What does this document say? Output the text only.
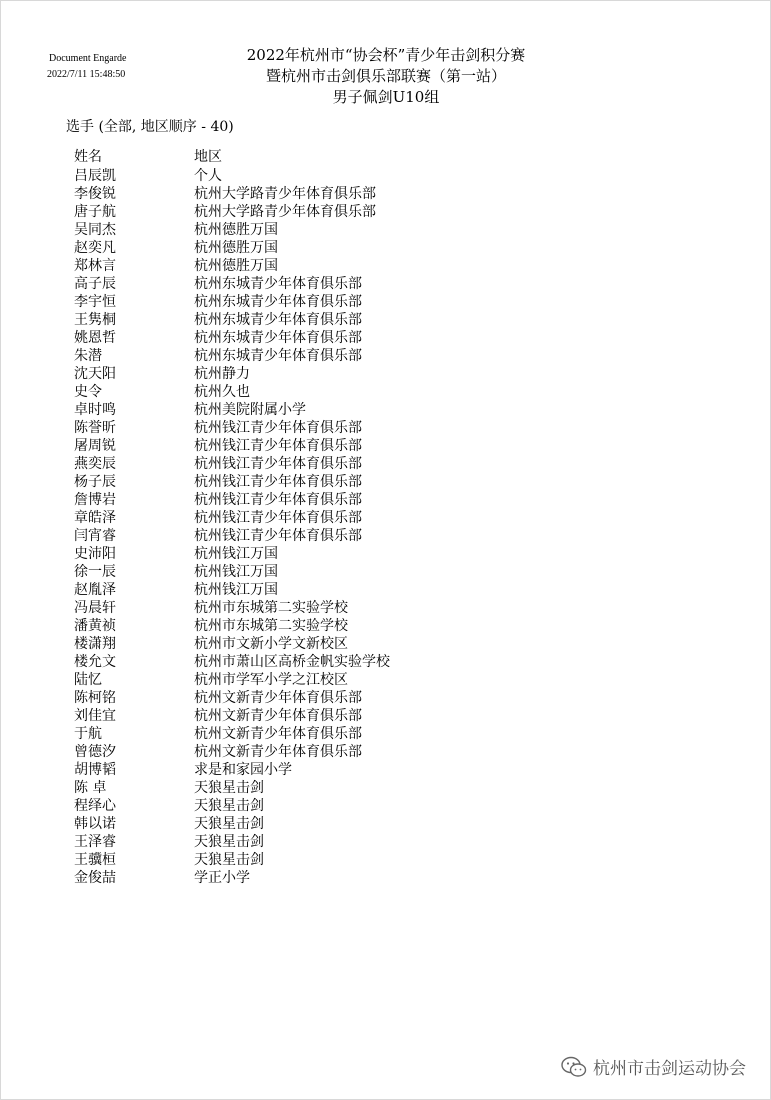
Document Engarde
2022/7/11 15:48:50
2022年杭州市“协会杯”青少年击剑积分赛
暨杭州市击剑俱乐部联赛（第一站）
男子佩剑U10组
选手 (全部, 地区顺序 - 40)
姓名	地区
吕辰凯	个人
李俊锐	杭州大学路青少年体育俱乐部
唐子航	杭州大学路青少年体育俱乐部
吴同杰	杭州德胜万国
赵奕凡	杭州德胜万国
郑林言	杭州德胜万国
高子辰	杭州东城青少年体育俱乐部
李宇恒	杭州东城青少年体育俱乐部
王隽桐	杭州东城青少年体育俱乐部
姚恩哲	杭州东城青少年体育俱乐部
朱潜	杭州东城青少年体育俱乐部
沈天阳	杭州静力
史令	杭州久也
卓时鸣	杭州美院附属小学
陈誉昕	杭州钱江青少年体育俱乐部
屠周锐	杭州钱江青少年体育俱乐部
燕奕辰	杭州钱江青少年体育俱乐部
杨子辰	杭州钱江青少年体育俱乐部
詹博岩	杭州钱江青少年体育俱乐部
章皓泽	杭州钱江青少年体育俱乐部
闫宵睿	杭州钱江青少年体育俱乐部
史沛阳	杭州钱江万国
徐一辰	杭州钱江万国
赵胤泽	杭州钱江万国
冯晨轩	杭州市东城第二实验学校
潘黄祯	杭州市东城第二实验学校
楼潇翔	杭州市文新小学文新校区
楼允文	杭州市萧山区高桥金帆实验学校
陆忆	杭州市学军小学之江校区
陈柯铭	杭州文新青少年体育俱乐部
刘佳宜	杭州文新青少年体育俱乐部
于航	杭州文新青少年体育俱乐部
曾德汐	杭州文新青少年体育俱乐部
胡博韬	求是和家园小学
陈 卓	天狼星击剑
程绎心	天狼星击剑
韩以诺	天狼星击剑
王泽睿	天狼星击剑
王骥桓	天狼星击剑
金俊喆	学正小学
杭州市击剑运动协会
